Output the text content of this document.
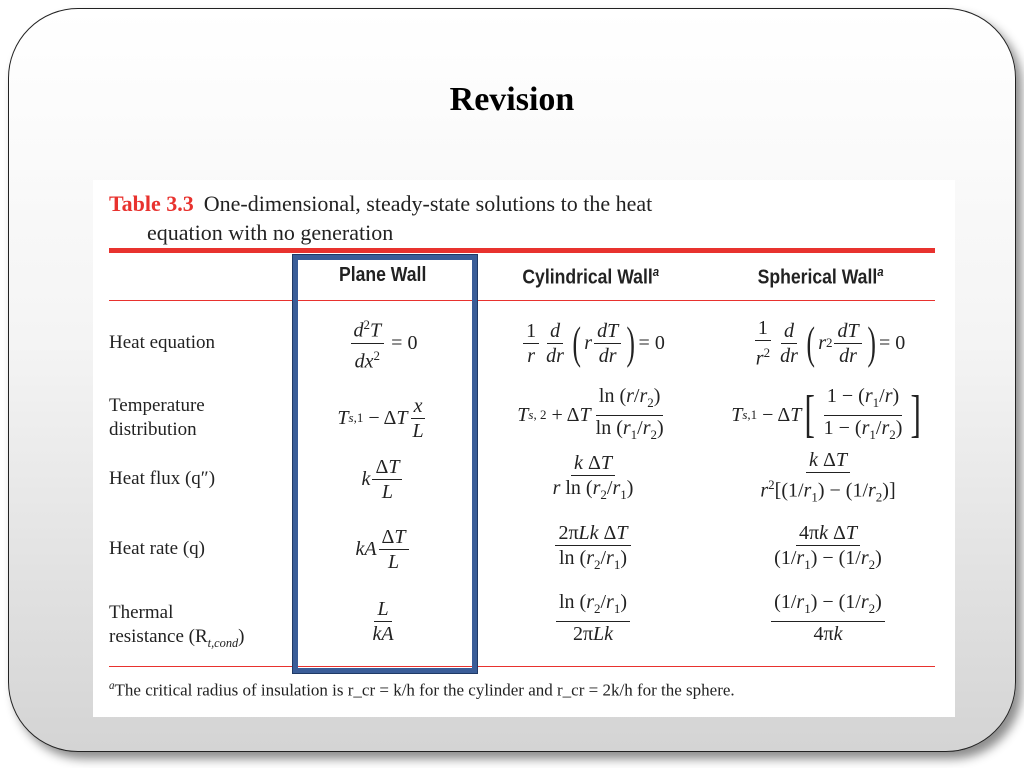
Revision
Table 3.3 One-dimensional, steady-state solutions to the heat
equation with no generation
Plane Wall	Cylindrical Wall$^a$	Spherical Wall$^a$
Heat equation
Temperature
distribution
Heat flux (q″)
Heat rate (q)
Thermal
resistance $(R_{t,cond})$
$\frac{d^2T}{dx^2} = 0$
T s,1 − Δ T $\frac{x}{L}$
k $\frac{\Delta T}{L}$
kA $\frac{\Delta T}{L}$
$\frac{L}{kA}$
$\frac{1}{r} \frac{d}{dr}$ ( r $\frac{dT}{dr}$ ) = 0
T s, 2 + Δ T $\frac{\ln (r/r_2)}{\ln (r_1/r_2)}$
$\frac{\text{k ΔT}}{r \ln (r_2/r_1)}$
$\frac{\text{2πLk ΔT}}{\ln (r_2/r_1)}$
$\frac{\ln (r_2/r_1)}{\text{2πLk}}$
$\frac{1}{r^2} \frac{d}{dr}$ ( r $2 \frac{dT}{dr}$ ) = 0
T s,1 − Δ T [ $\frac{1 - (r_1/r)}{1 - (r_1/r_2)}$ ]
$\frac{\text{k ΔT}}{r^2[(1/r_1) - (1/r_2)]}$
$\frac{\text{4πk ΔT}}{(1/r_1) - (1/r_2)}$
$\frac{(1/r_1) - (1/r_2)}{4\pi k}$
$^a$The critical radius of insulation is r_cr = k/h for the cylinder and r_cr = 2k/h for the sphere.
